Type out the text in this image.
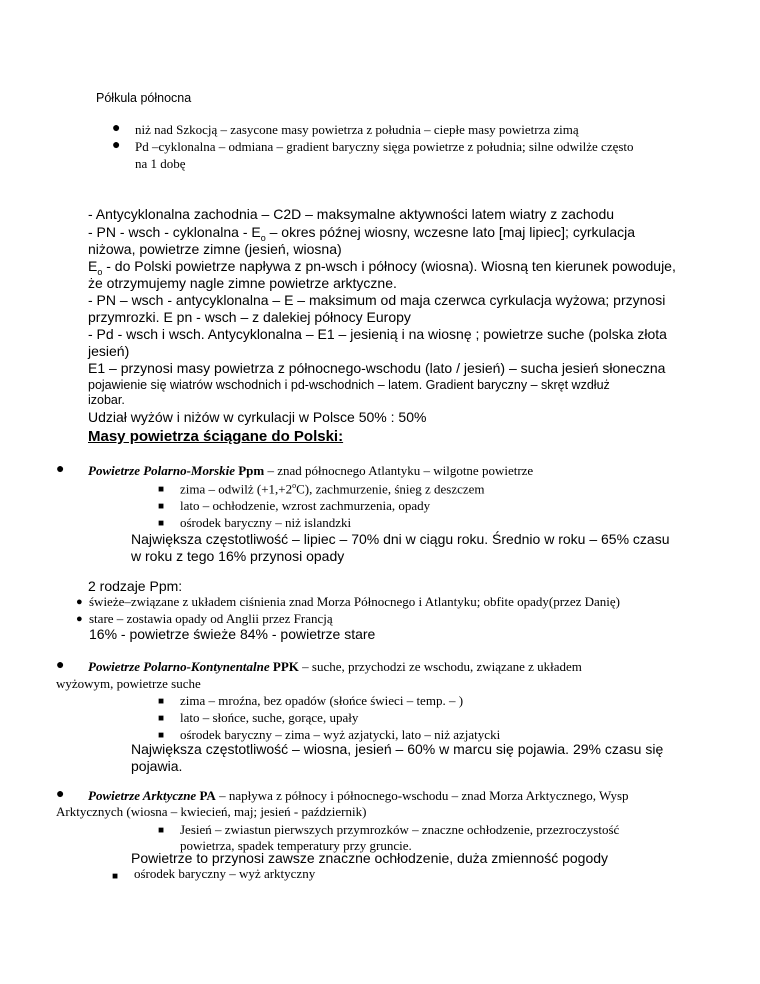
Półkula północna
● niż nad Szkocją – zasycone masy powietrza z południa – ciepłe masy powietrza zimą
● Pd –cyklonalna – odmiana – gradient baryczny sięga powietrze z południa; silne odwilże często
na 1 dobę
- Antycyklonalna zachodnia – C2D – maksymalne aktywności latem wiatry z zachodu
- PN - wsch - cyklonalna - $E_o$ – okres późnej wiosny, wczesne lato [maj lipiec]; cyrkulacja
niżowa, powietrze zimne (jesień, wiosna)
$E_o$ - do Polski powietrze napływa z pn-wsch i północy (wiosna). Wiosną ten kierunek powoduje,
że otrzymujemy nagle zimne powietrze arktyczne.
- PN – wsch - antycyklonalna – E – maksimum od maja czerwca cyrkulacja wyżowa; przynosi
przymrozki. E pn - wsch – z dalekiej północy Europy
- Pd - wsch i wsch. Antycyklonalna – E1 – jesienią i na wiosnę ; powietrze suche (polska złota
jesień)
E1 – przynosi masy powietrza z północnego-wschodu (lato / jesień) – sucha jesień słoneczna
pojawienie się wiatrów wschodnich i pd-wschodnich – latem. Gradient baryczny – skręt wzdłuż
izobar.
Udział wyżów i niżów w cyrkulacji w Polsce 50% : 50%
Masy powietrza ściągane do Polski:
● Powietrze Polarno-Morskie Ppm – znad północnego Atlantyku – wilgotne powietrze
■ zima – odwilż $(+1,+2^oC)$, zachmurzenie, śnieg z deszczem
■ lato – ochłodzenie, wzrost zachmurzenia, opady
■ ośrodek baryczny – niż islandzki
Największa częstotliwość – lipiec – 70% dni w ciągu roku. Średnio w roku – 65% czasu
w roku z tego 16% przynosi opady
2 rodzaje Ppm:
● świeże–związane z układem ciśnienia znad Morza Północnego i Atlantyku; obfite opady(przez Danię)
● stare – zostawia opady od Anglii przez Francją
16% - powietrze świeże 84% - powietrze stare
● Powietrze Polarno-Kontynentalne PPK – suche, przychodzi ze wschodu, związane z układem
wyżowym, powietrze suche
■ zima – mroźna, bez opadów (słońce świeci – temp. – )
■ lato – słońce, suche, gorące, upały
■ ośrodek baryczny – zima – wyż azjatycki, lato – niż azjatycki
Największa częstotliwość – wiosna, jesień – 60% w marcu się pojawia. 29% czasu się
pojawia.
● Powietrze Arktyczne PA – napływa z północy i północnego-wschodu – znad Morza Arktycznego, Wysp
Arktycznych (wiosna – kwiecień, maj; jesień - październik)
■ Jesień – zwiastun pierwszych przymrozków – znaczne ochłodzenie, przezroczystość
powietrza, spadek temperatury przy gruncie.
Powietrze to przynosi zawsze znaczne ochłodzenie, duża zmienność pogody
■ ośrodek baryczny – wyż arktyczny
